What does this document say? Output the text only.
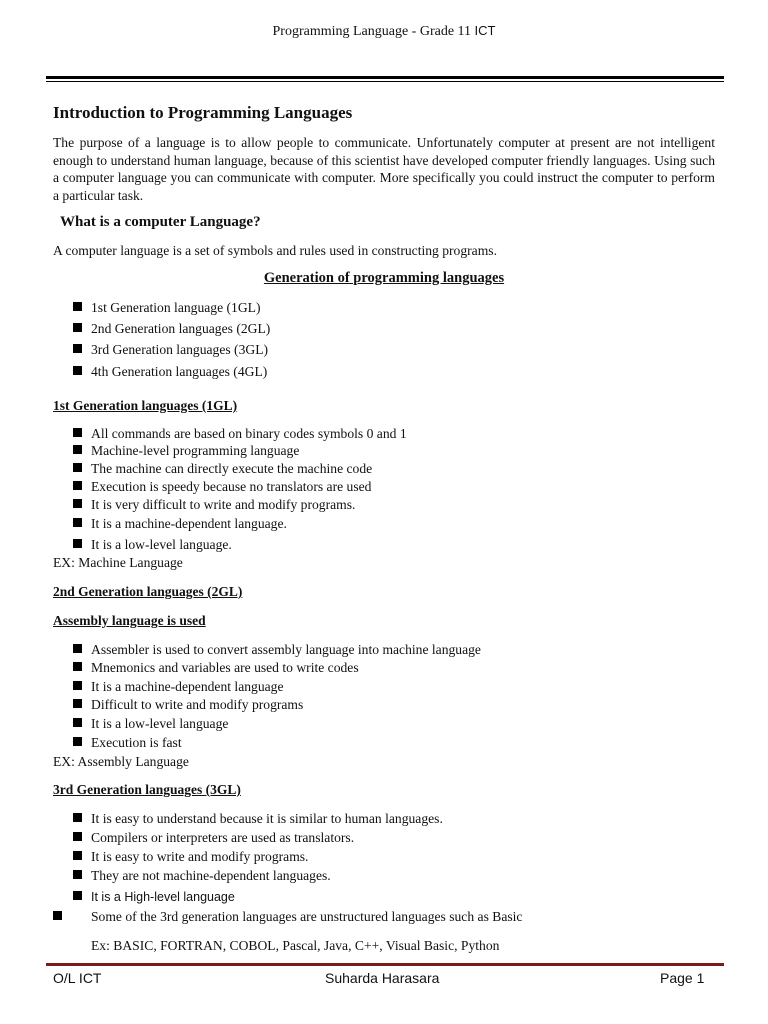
Programming Language - Grade 11 ICT
Introduction to Programming Languages

The purpose of a language is to allow people to communicate. Unfortunately computer at present are not intelligent enough to understand human language, because of this scientist have developed computer friendly languages. Using such a computer language you can communicate with computer. More specifically you could instruct the computer to perform a particular task.

What is a computer Language?
A computer language is a set of symbols and rules used in constructing programs.
Generation of programming languages
1st Generation language (1GL)
2nd Generation languages (2GL)
3rd Generation languages (3GL)
4th Generation languages (4GL)
1st Generation languages (1GL)
All commands are based on binary codes symbols 0 and 1
Machine-level programming language
The machine can directly execute the machine code
Execution is speedy because no translators are used
It is very difficult to write and modify programs.
It is a machine-dependent language.
It is a low-level language.
EX: Machine Language
2nd Generation languages (2GL)
Assembly language is used
Assembler is used to convert assembly language into machine language
Mnemonics and variables are used to write codes
It is a machine-dependent language
Difficult to write and modify programs
It is a low-level language
Execution is fast
EX: Assembly Language
3rd Generation languages (3GL)
It is easy to understand because it is similar to human languages.
Compilers or interpreters are used as translators.
It is easy to write and modify programs.
They are not machine-dependent languages.
It is a High-level language
Some of the 3rd generation languages are unstructured languages such as Basic
Ex: BASIC, FORTRAN, COBOL, Pascal, Java, C++, Visual Basic, Python
O/L ICT	Suharda Harasara	Page 1
